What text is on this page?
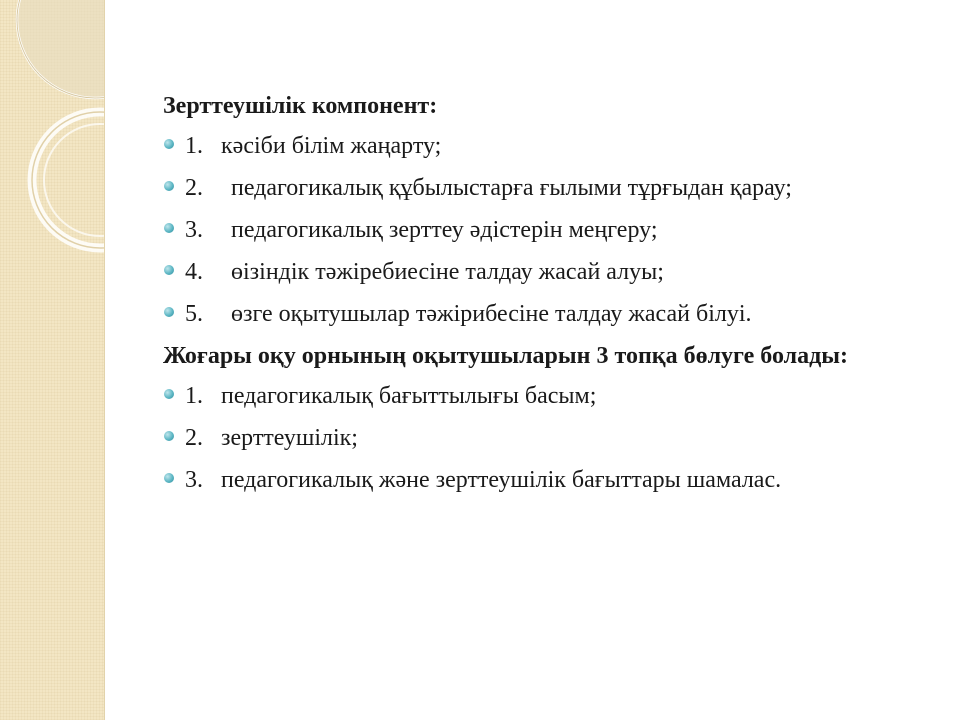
Зерттеушілік компонент:
1. кәсіби білім жаңарту;
2. педагогикалық құбылыстарға ғылыми тұрғыдан қарау;
3. педагогикалық зерттеу әдістерін меңгеру;
4. өізіндік тәжіребиесіне талдау жасай алуы;
5. өзге оқытушылар тәжірибесіне талдау жасай білуі.
Жоғары оқу орнының оқытушыларын 3 топқа бөлуге болады:
1. педагогикалық бағыттылығы басым;
2. зерттеушілік;
3. педагогикалық және зерттеушілік бағыттары шамалас.
